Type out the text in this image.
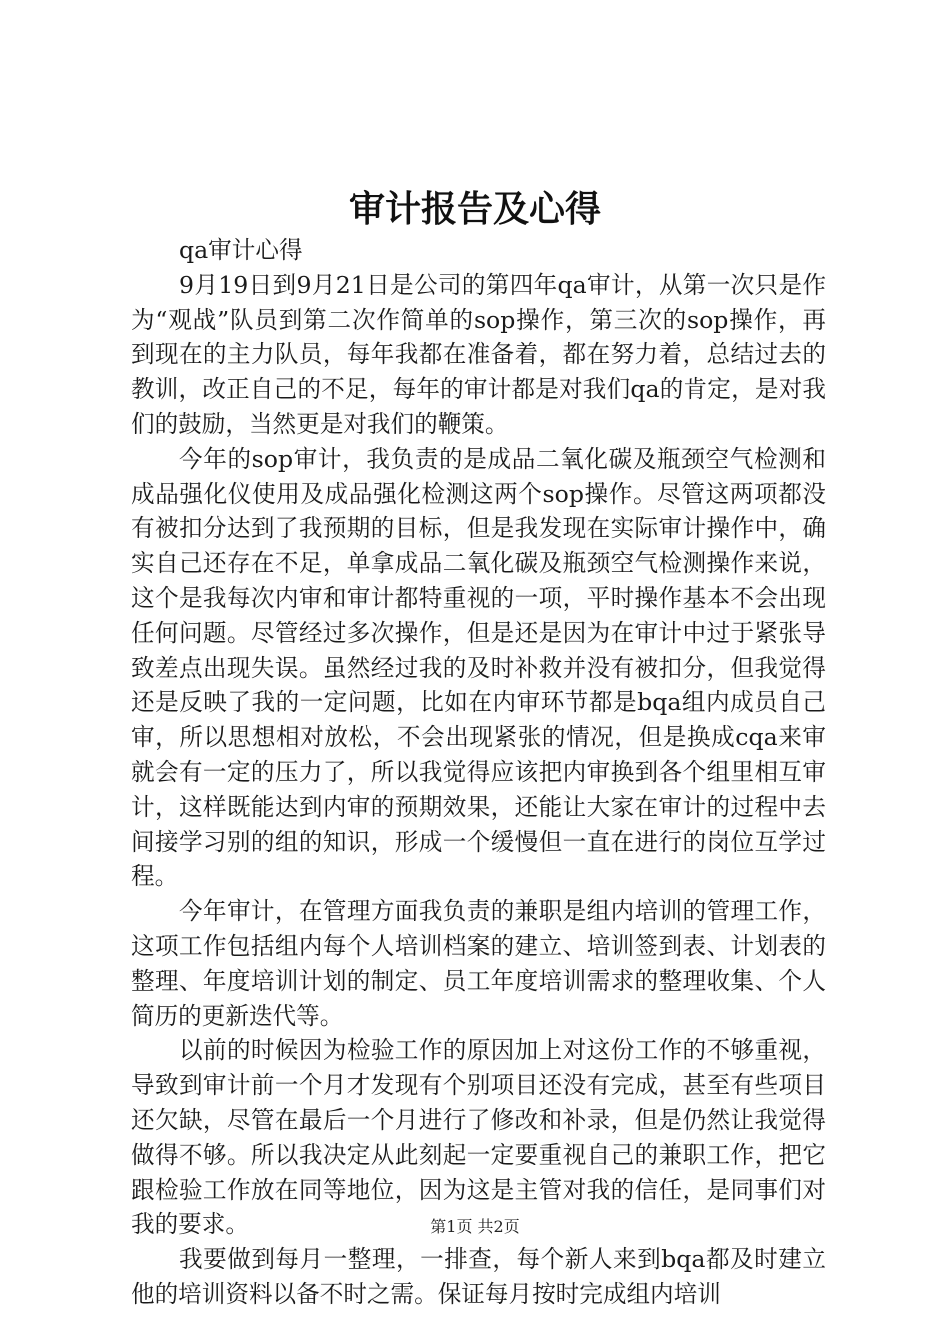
审计报告及心得

qa审计心得

9月19日到9月21日是公司的第四年qa审计，从第一次只是作为“观战”队员到第二次作简单的sop操作，第三次的sop操作，再到现在的主力队员，每年我都在准备着，都在努力着，总结过去的教训，改正自己的不足，每年的审计都是对我们qa的肯定，是对我们的鼓励，当然更是对我们的鞭策。

今年的sop审计，我负责的是成品二氧化碳及瓶颈空气检测和成品强化仪使用及成品强化检测这两个sop操作。尽管这两项都没有被扣分达到了我预期的目标，但是我发现在实际审计操作中，确实自己还存在不足，单拿成品二氧化碳及瓶颈空气检测操作来说，这个是我每次内审和审计都特重视的一项，平时操作基本不会出现任何问题。尽管经过多次操作，但是还是因为在审计中过于紧张导致差点出现失误。虽然经过我的及时补救并没有被扣分，但我觉得还是反映了我的一定问题，比如在内审环节都是bqa组内成员自己审，所以思想相对放松，不会出现紧张的情况，但是换成cqa来审就会有一定的压力了，所以我觉得应该把内审换到各个组里相互审计，这样既能达到内审的预期效果，还能让大家在审计的过程中去间接学习别的组的知识，形成一个缓慢但一直在进行的岗位互学过程。

今年审计，在管理方面我负责的兼职是组内培训的管理工作，这项工作包括组内每个人培训档案的建立、培训签到表、计划表的整理、年度培训计划的制定、员工年度培训需求的整理收集、个人简历的更新迭代等。

以前的时候因为检验工作的原因加上对这份工作的不够重视，导致到审计前一个月才发现有个别项目还没有完成，甚至有些项目还欠缺，尽管在最后一个月进行了修改和补录，但是仍然让我觉得做得不够。所以我决定从此刻起一定要重视自己的兼职工作，把它跟检验工作放在同等地位，因为这是主管对我的信任，是同事们对我的要求。

我要做到每月一整理，一排查，每个新人来到bqa都及时建立他的培训资料以备不时之需。保证每月按时完成组内培训

第1页 共2页
